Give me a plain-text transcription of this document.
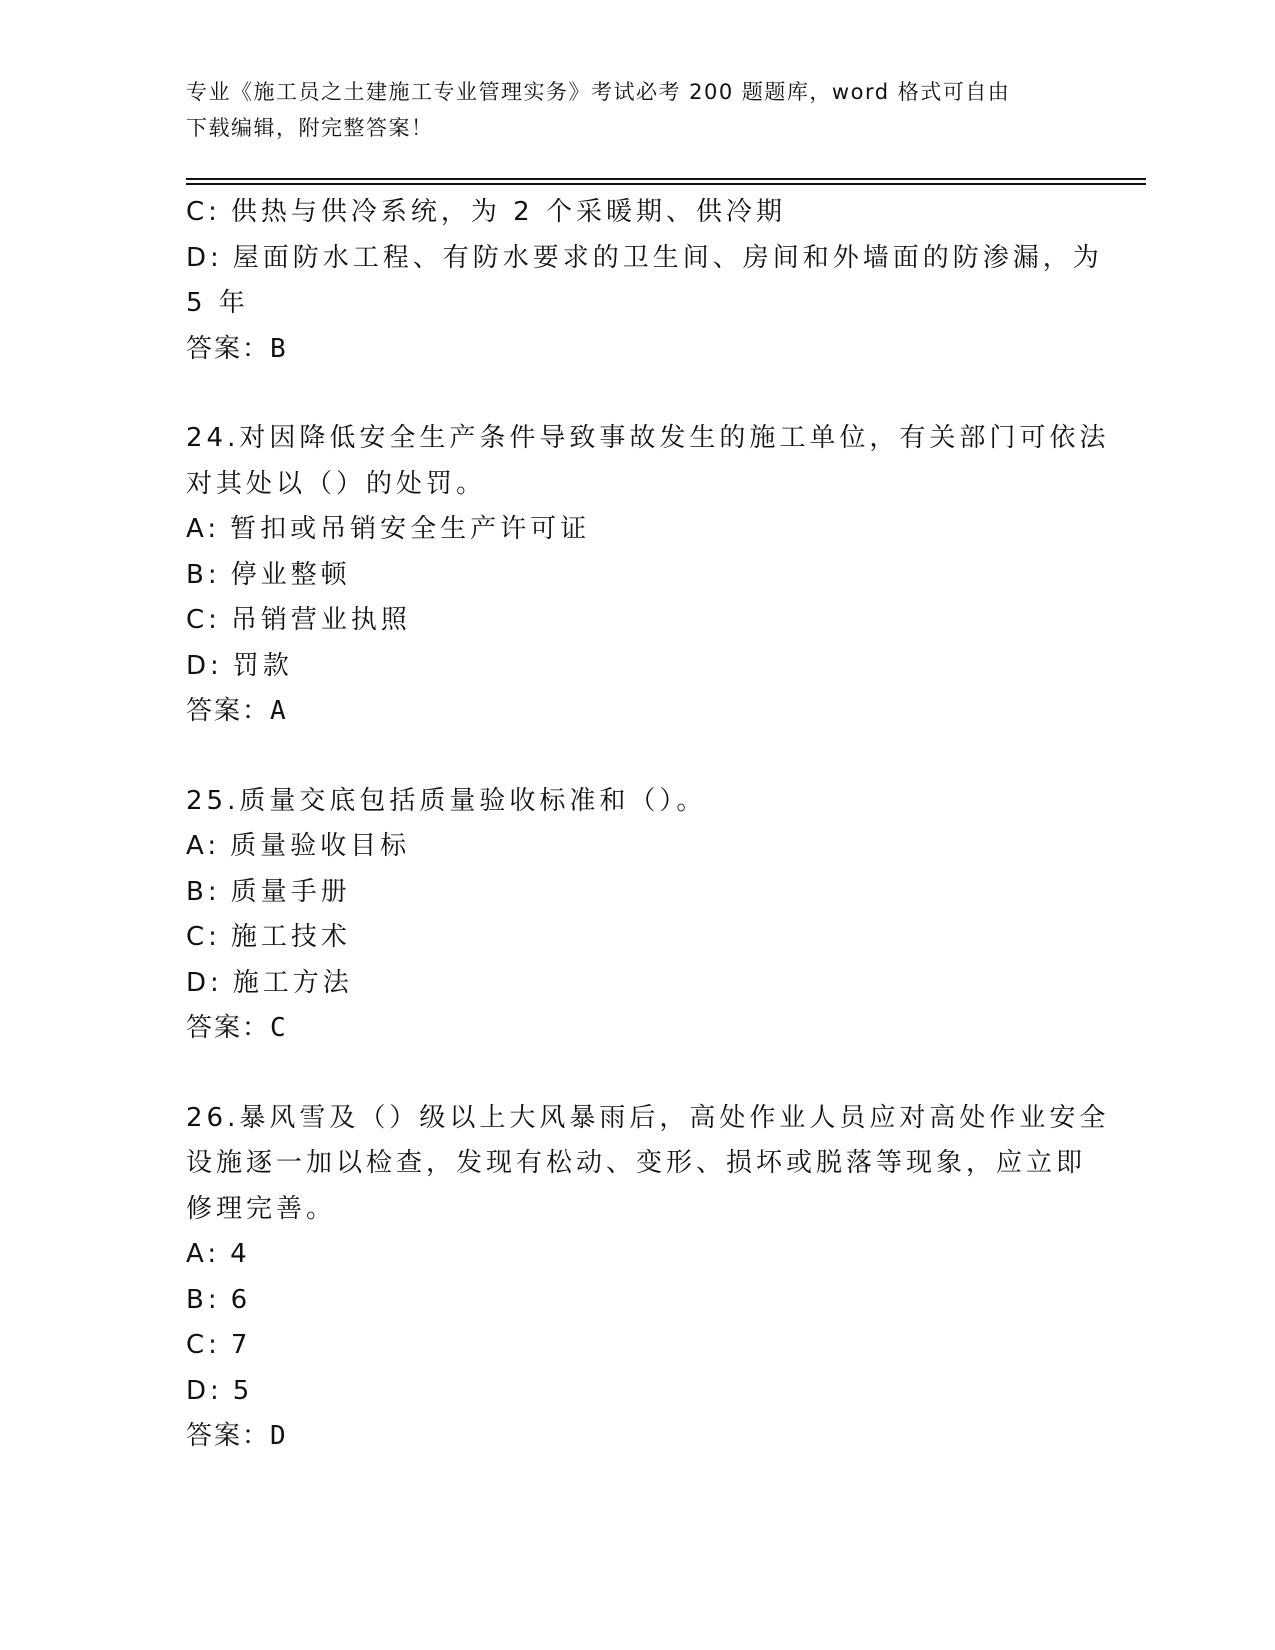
专业《施工员之土建施工专业管理实务》考试必考 200 题题库，word 格式可自由
下载编辑，附完整答案！
C: 供热与供冷系统，为 2 个采暖期、供冷期
D: 屋面防水工程、有防水要求的卫生间、房间和外墙面的防渗漏，为
5 年
答案：B
24.对因降低安全生产条件导致事故发生的施工单位，有关部门可依法
对其处以（）的处罚。
A: 暂扣或吊销安全生产许可证
B: 停业整顿
C: 吊销营业执照
D: 罚款
答案：A
25.质量交底包括质量验收标准和（）。
A: 质量验收目标
B: 质量手册
C: 施工技术
D: 施工方法
答案：C
26.暴风雪及（）级以上大风暴雨后，高处作业人员应对高处作业安全
设施逐一加以检查，发现有松动、变形、损坏或脱落等现象，应立即
修理完善。
A: 4
B: 6
C: 7
D: 5
答案：D
